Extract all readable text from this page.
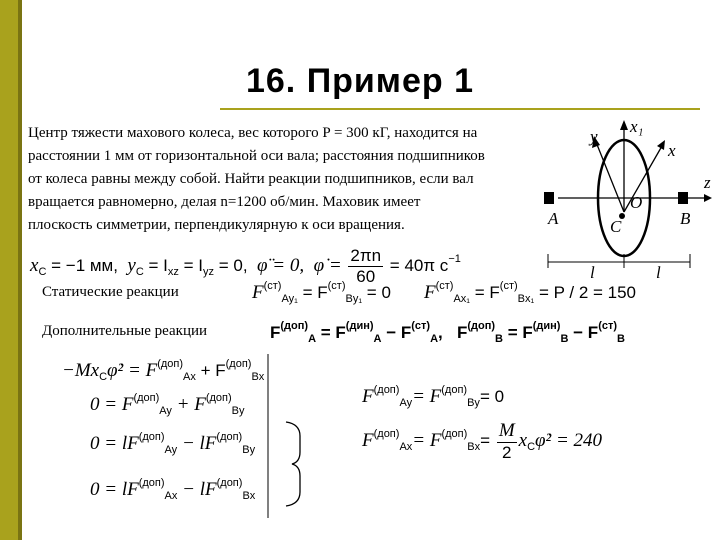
16. Пример 1
Центр тяжести махового колеса, вес которого P = 300 кГ, находится на
расстоянии 1 мм от горизонтальной оси вала; расстояния подшипников
от колеса равны между собой. Найти реакции подшипников, если вал
вращается равномерно, делая n=1200 об/мин. Маховик имеет
плоскость симметрии, перпендикулярную к оси вращения.
$x_C = -1$ мм, $y_C = I_{xz} = I_{yz} = 0$, φ̈ = 0, φ̇ = $\frac{2\pi n}{60} = 40\pi$ $с^{-1}$
Статические реакции	$F^{(ст)}_{Ay_1} = F^{(ст)}_{By_1} = 0$ $F^{(ст)}_{Ax_1} = F^{(ст)}_{Bx_1} = P / 2 = 150$
Дополнительные реакции	$F^{(доп)}_A = F^{(дин)}_A - F^{(ст)}_A$, $F^{(доп)}_B = F^{(дин)}_B - F^{(ст)}_B$
$-Mx_C\varphi̇^2 = F^{(доп)}_{Ax} + F^{(доп)}_{Bx}$
$0 = F^{(доп)}_{Ay} + F^{(доп)}_{By}$
$0 = lF^{(доп)}_{Ay} - lF^{(доп)}_{By}$
$0 = lF^{(доп)}_{Ax} - lF^{(доп)}_{Bx}$
$F^{(доп)}_{Ay}= F^{(доп)}_{By}= 0$
$F^{(доп)}_{Ax}= F^{(доп)}_{Bx}= \frac{M}{2}$ $x_C\varphi̇^2 = 240$
x₁
y
x
z
O
C
A	B
l	l
